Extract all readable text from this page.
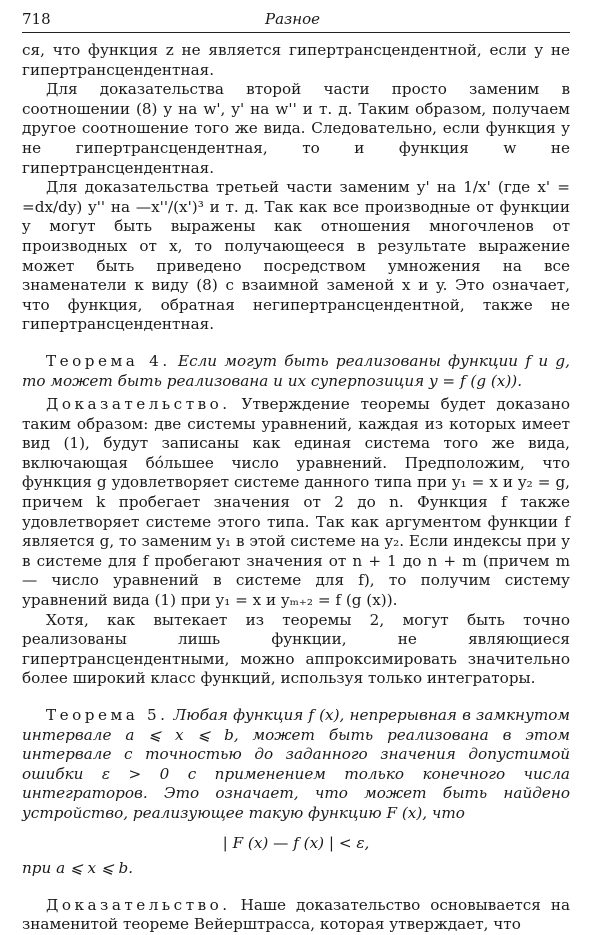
718	Разное

ся, что функция z не является гипертрансцендентной, если y не гипертрансцендентная.

Для доказательства второй части просто заменим в соотношении (8) y на w', y' на w'' и т. д. Таким образом, получаем другое соотношение того же вида. Следовательно, если функция y не гипертрансцендентная, то и функция w не гипертрансцендентная.

Для доказательства третьей части заменим y' на 1/x' (где x' = =dx/dy) y'' на —x''/(x')³ и т. д. Так как все производные от функции y могут быть выражены как отношения многочленов от производных от x, то получающееся в результате выражение может быть приведено посредством умножения на все знаменатели к виду (8) с взаимной заменой x и y. Это означает, что функция, обратная негипертрансцендентной, также не гипертрансцендентная.

Теорема 4. Если могут быть реализованы функции f и g, то может быть реализована и их суперпозиция y = f (g (x)).

Доказательство. Утверждение теоремы будет доказано таким образом: две системы уравнений, каждая из которых имеет вид (1), будут записаны как единая система того же вида, включающая бóльшее число уравнений. Предположим, что функция g удовлетворяет системе данного типа при y₁ = x и y₂ = g, причем k пробегает значения от 2 до n. Функция f также удовлетворяет системе этого типа. Так как аргументом функции f является g, то заменим y₁ в этой системе на y₂. Если индексы при y в системе для f пробегают значения от n + 1 до n + m (причем m — число уравнений в системе для f), то получим систему уравнений вида (1) при y₁ = x и yₘ₊₂ = f (g (x)).

Хотя, как вытекает из теоремы 2, могут быть точно реализованы лишь функции, не являющиеся гипертрансцендентными, можно аппроксимировать значительно более широкий класс функций, используя только интеграторы.

Теорема 5. Любая функция f (x), непрерывная в замкнутом интервале a ⩽ x ⩽ b, может быть реализована в этом интервале с точностью до заданного значения допустимой ошибки ε > 0 с применением только конечного числа интеграторов. Это означает, что может быть найдено устройство, реализующее такую функцию F (x), что

| F (x) — f (x) | < ε,

при a ⩽ x ⩽ b.

Доказательство. Наше доказательство основывается на знаменитой теореме Вейерштрасса, которая утверждает, что
